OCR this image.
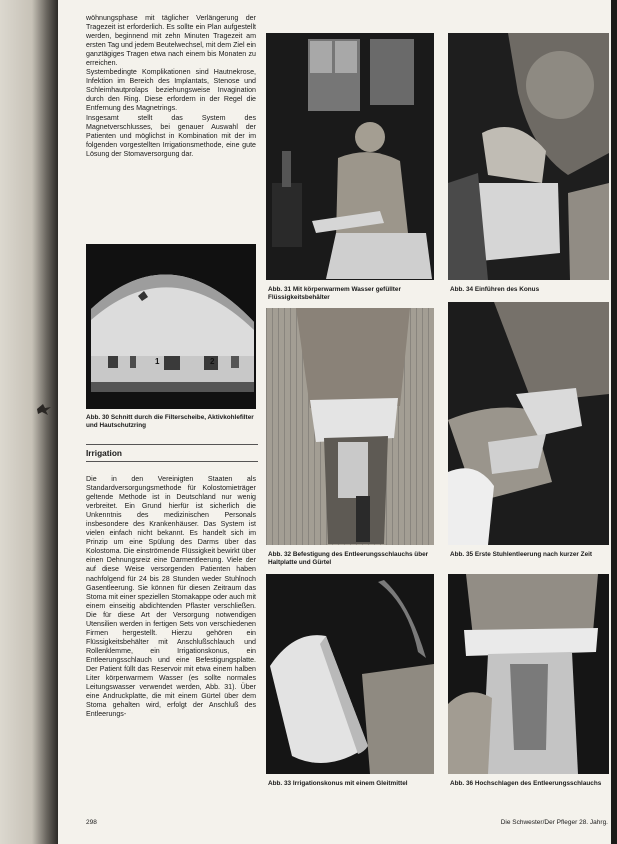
wöhnungsphase mit täglicher Verlängerung der Tragezeit ist erforderlich. Es sollte ein Plan aufgestellt werden, beginnend mit zehn Minuten Tragezeit am ersten Tag und jedem Beutelwechsel, mit dem Ziel ein ganztägiges Tragen etwa nach einem bis Monaten zu erreichen.

Systembedingte Komplikationen sind Hautnekrose, Infektion im Bereich des Implantats, Stenose und Schleimhautprolaps beziehungsweise Invagination durch den Ring. Diese erfordern in der Regel die Entfernung des Magnetrings.

Insgesamt stellt das System des Magnetverschlusses, bei genauer Auswahl der Patienten und möglichst in Kombination mit der im folgenden vorgestellten Irrigationsmethode, eine gute Lösung der Stomaversorgung dar.

1	2
Abb. 30 Schnitt durch die Filterscheibe, Aktivkohlefilter und Hautschutzring
Irrigation
Die in den Vereinigten Staaten als Standardversorgungsmethode für Kolostomieträger geltende Methode ist in Deutschland nur wenig verbreitet. Ein Grund hierfür ist sicherlich die Unkenntnis des medizinischen Personals insbesondere des Krankenhäuser. Das System ist vielen einfach nicht bekannt. Es handelt sich im Prinzip um eine Spülung des Darms über das Kolostoma. Die einströmende Flüssigkeit bewirkt über einen Dehnungsreiz eine Darmentleerung. Viele der auf diese Weise versorgenden Patienten haben nachfolgend für 24 bis 28 Stunden weder Stuhlnoch Gasentleerung. Sie können für diesen Zeitraum das Stoma mit einer speziellen Stomakappe oder auch mit einem einseitig abdichtenden Pflaster verschließen. Die für diese Art der Versorgung notwendigen Utensilien werden in fertigen Sets von verschiedenen Firmen hergestellt. Hierzu gehören ein Flüssigkeitsbehälter mit Anschlußschlauch und Rollenklemme, ein Irrigationskonus, ein Entleerungsschlauch und eine Befestigungsplatte. Der Patient füllt das Reservoir mit etwa einem halben Liter körperwarmem Wasser (es sollte normales Leitungswasser verwendet werden, Abb. 31). Über eine Andruckplatte, die mit einem Gürtel über dem Stoma gehalten wird, erfolgt der Anschluß des Entleerungs-
Abb. 31 Mit körperwarmem Wasser gefüllter Flüssigkeitsbehälter
Abb. 32 Befestigung des Entleerungsschlauchs über Haltplatte und Gürtel
Abb. 33 Irrigationskonus mit einem Gleitmittel
Abb. 34 Einführen des Konus
Abb. 35 Erste Stuhlentleerung nach kurzer Zeit
Abb. 36 Hochschlagen des Entleerungsschlauchs
298	Die Schwester/Der Pfleger 28. Jahrg.
